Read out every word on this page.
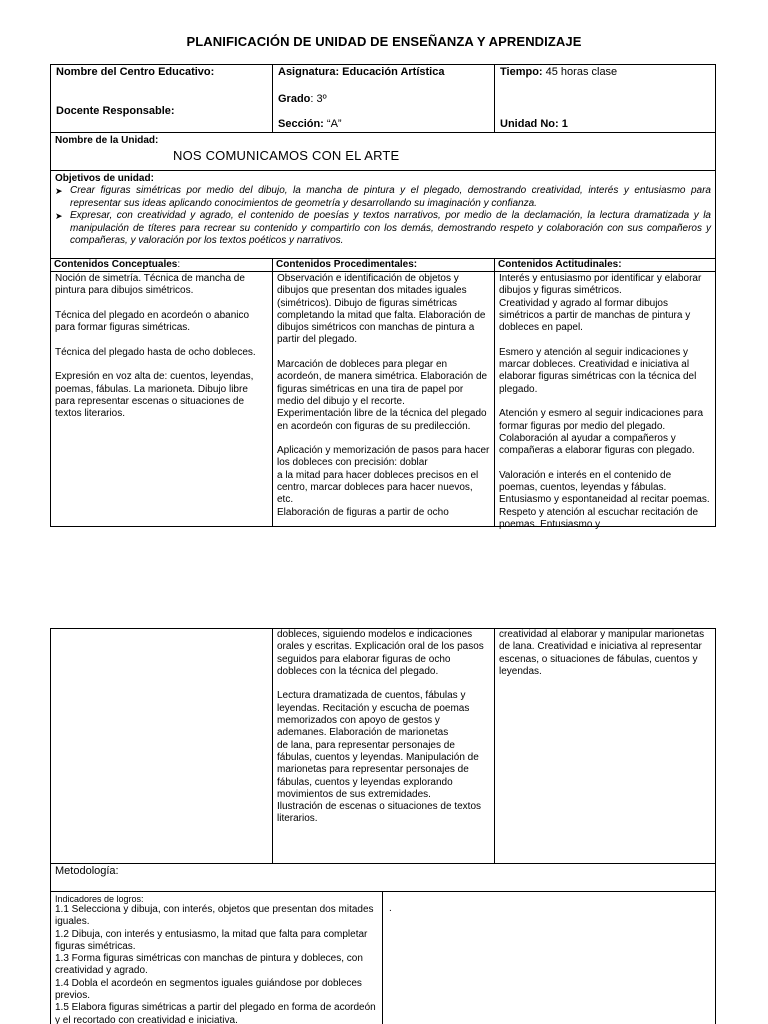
PLANIFICACIÓN DE UNIDAD DE ENSEÑANZA Y APRENDIZAJE
Nombre del Centro Educativo:
Docente Responsable:
Asignatura: Educación Artística
Grado: 3º
Sección: “A”
Tiempo: 45 horas clase
Unidad No: 1
Nombre de la Unidad:
NOS COMUNICAMOS CON EL ARTE
Objetivos de unidad:
➤ Crear figuras simétricas por medio del dibujo, la mancha de pintura y el plegado, demostrando creatividad, interés y entusiasmo para representar sus ideas aplicando conocimientos de geometría y desarrollando su imaginación y confianza.
➤ Expresar, con creatividad y agrado, el contenido de poesías y textos narrativos, por medio de la declamación, la lectura dramatizada y la manipulación de títeres para recrear su contenido y compartirlo con los demás, demostrando respeto y colaboración con sus compañeros y compañeras, y valoración por los textos poéticos y narrativos.
Contenidos Conceptuales:

Noción de simetría. Técnica de mancha de pintura para dibujos simétricos.

Técnica del plegado en acordeón o abanico para formar figuras simétricas.

Técnica del plegado hasta de ocho dobleces.

Expresión en voz alta de: cuentos, leyendas, poemas, fábulas. La marioneta. Dibujo libre para representar escenas o situaciones de

textos literarios.

Contenidos Procedimentales:

Observación e identificación de objetos y dibujos que presentan dos mitades iguales (simétricos). Dibujo de figuras simétricas completando la mitad que falta. Elaboración de dibujos simétricos con manchas de pintura a partir del plegado.

Marcación de dobleces para plegar en acordeón, de manera simétrica. Elaboración de figuras simétricas en una tira de papel por medio del dibujo y el recorte.

Experimentación libre de la técnica del plegado en acordeón con figuras de su predilección.

Aplicación y memorización de pasos para hacer los dobleces con precisión: doblar

a la mitad para hacer dobleces precisos en el centro, marcar dobleces para hacer nuevos, etc.

Elaboración de figuras a partir de ocho

Contenidos Actitudinales:

Interés y entusiasmo por identificar y elaborar dibujos y figuras simétricos.

Creatividad y agrado al formar dibujos simétricos a partir de manchas de pintura y dobleces en papel.

Esmero y atención al seguir indicaciones y marcar dobleces. Creatividad e iniciativa al elaborar figuras simétricas con la técnica del plegado.

Atención y esmero al seguir indicaciones para formar figuras por medio del plegado.

Colaboración al ayudar a compañeros y compañeras a elaborar figuras con plegado.

Valoración e interés en el contenido de poemas, cuentos, leyendas y fábulas.

Entusiasmo y espontaneidad al recitar poemas. Respeto y atención al escuchar recitación de poemas. Entusiasmo y

dobleces, siguiendo modelos e indicaciones orales y escritas. Explicación oral de los pasos

seguidos para elaborar figuras de ocho dobleces con la técnica del plegado.

Lectura dramatizada de cuentos, fábulas y leyendas. Recitación y escucha de poemas memorizados con apoyo de gestos y ademanes. Elaboración de marionetas

de lana, para representar personajes de fábulas, cuentos y leyendas. Manipulación de marionetas para representar personajes de fábulas, cuentos y leyendas explorando movimientos de sus extremidades.

Ilustración de escenas o situaciones de textos literarios.

creatividad al elaborar y manipular marionetas de lana. Creatividad e iniciativa al representar escenas, o situaciones de fábulas, cuentos y leyendas.

Metodología:
Indicadores de logros:
1.1 Selecciona y dibuja, con interés, objetos que presentan dos mitades iguales.
1.2 Dibuja, con interés y entusiasmo, la mitad que falta para completar figuras simétricas.
1.3 Forma figuras simétricas con manchas de pintura y dobleces, con creatividad y agrado.
1.4 Dobla el acordeón en segmentos iguales guiándose por dobleces previos.
1.5 Elabora figuras simétricas a partir del plegado en forma de acordeón y el recortado con creatividad e iniciativa.
.
